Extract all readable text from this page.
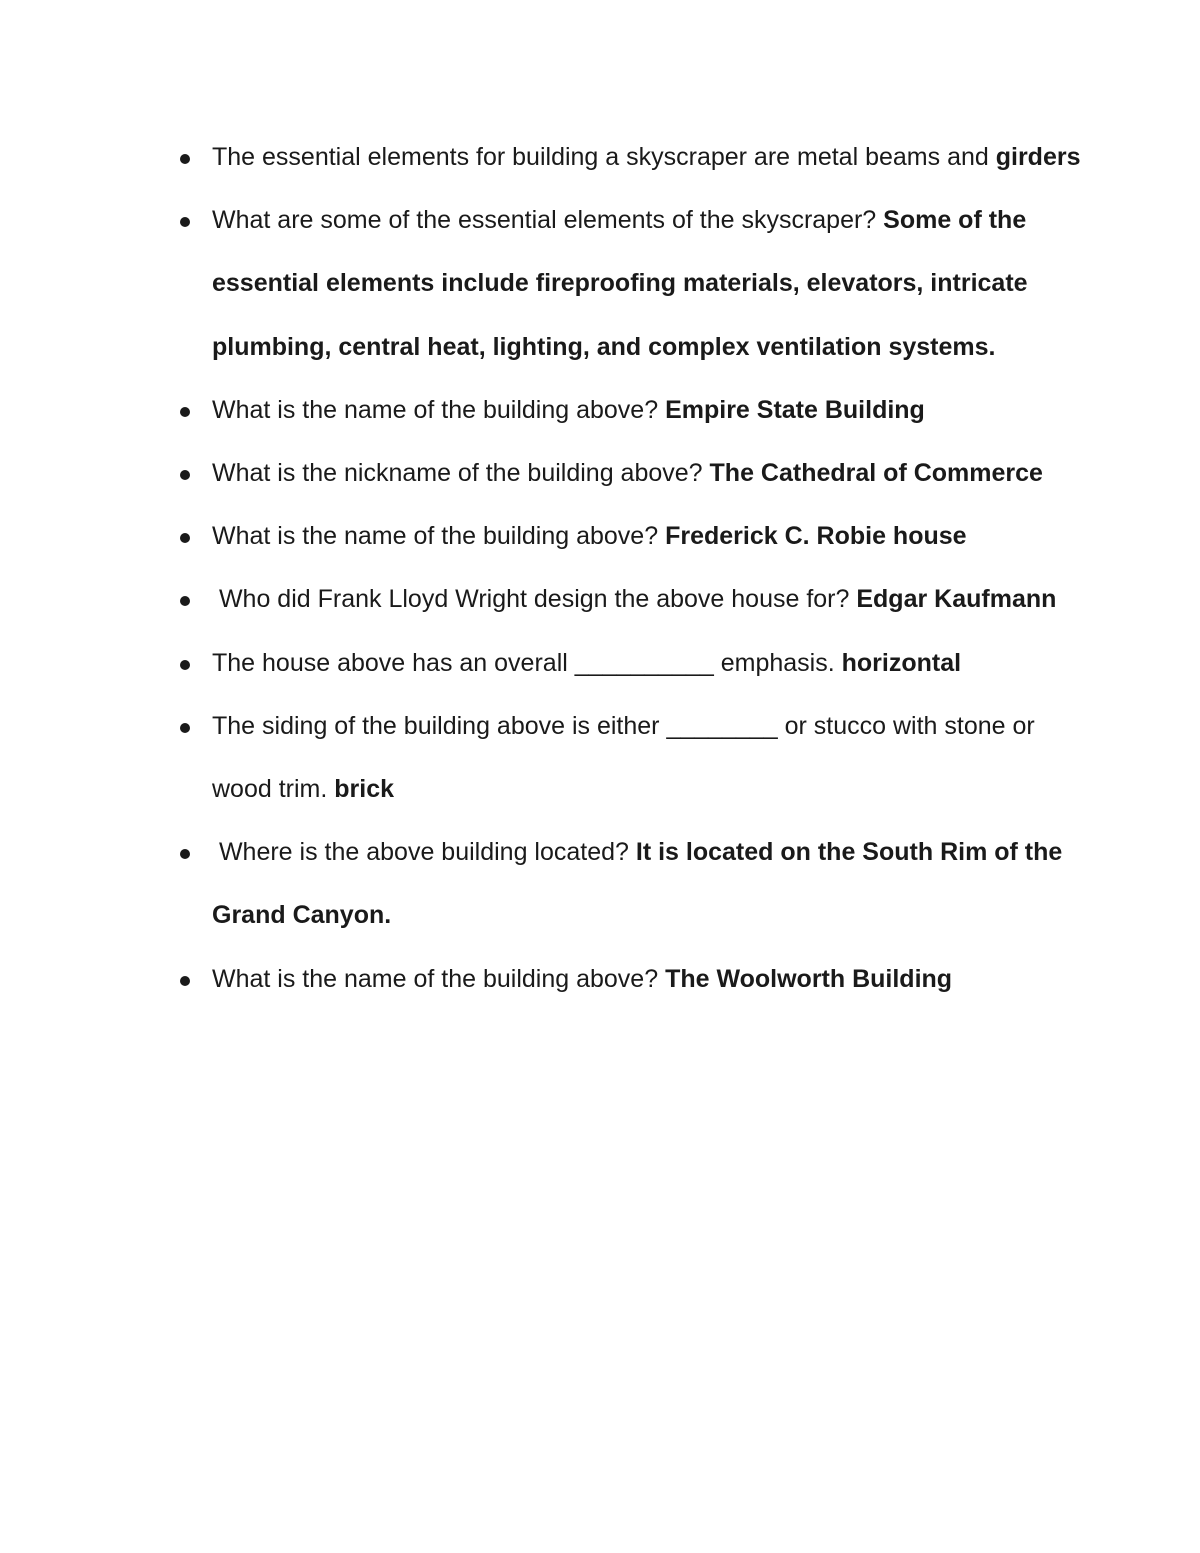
The essential elements for building a skyscraper are metal beams and girders
What are some of the essential elements of the skyscraper? Some of the essential elements include fireproofing materials, elevators, intricate plumbing, central heat, lighting, and complex ventilation systems.
What is the name of the building above? Empire State Building
What is the nickname of the building above? The Cathedral of Commerce
What is the name of the building above? Frederick C. Robie house
Who did Frank Lloyd Wright design the above house for? Edgar Kaufmann
The house above has an overall __________ emphasis. horizontal
The siding of the building above is either ________ or stucco with stone or wood trim. brick
Where is the above building located? It is located on the South Rim of the Grand Canyon.
What is the name of the building above? The Woolworth Building
